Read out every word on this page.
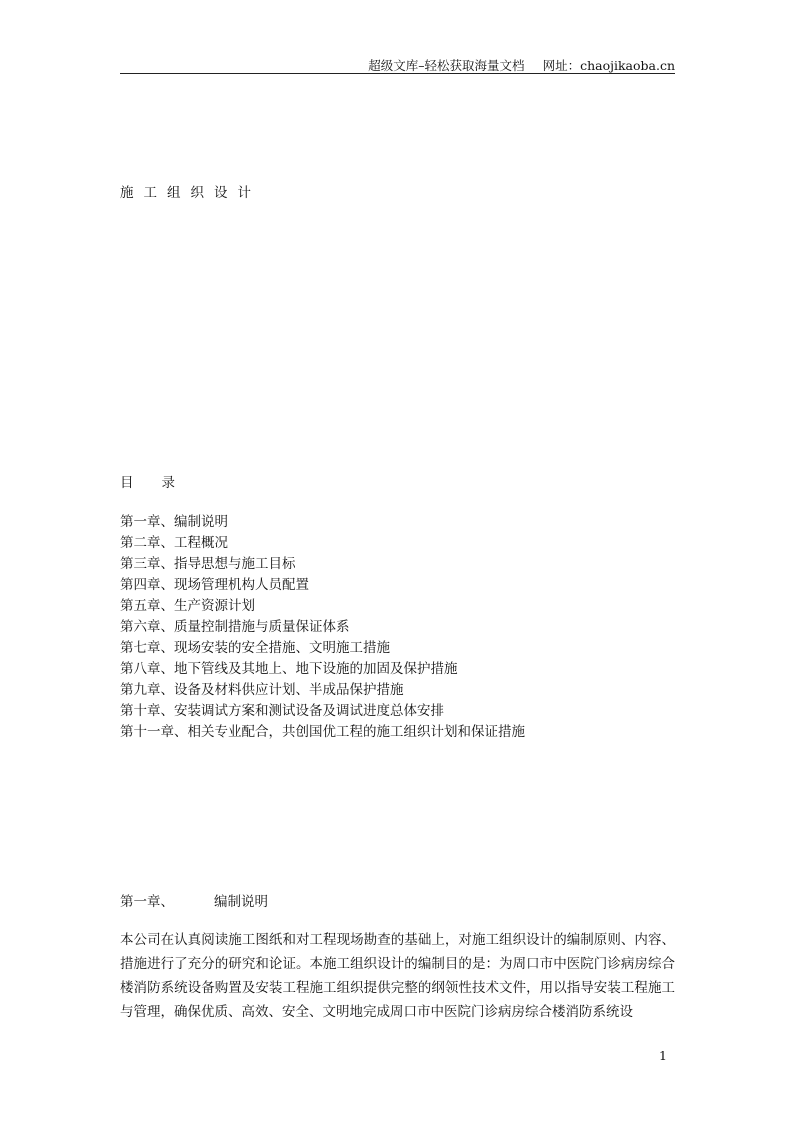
超级文库–轻松获取海量文档 网址：chaojikaoba.cn
施工组织设计
目 录
第一章、编制说明
第二章、工程概况
第三章、指导思想与施工目标
第四章、现场管理机构人员配置
第五章、生产资源计划
第六章、质量控制措施与质量保证体系
第七章、现场安装的安全措施、文明施工措施
第八章、地下管线及其地上、地下设施的加固及保护措施
第九章、设备及材料供应计划、半成品保护措施
第十章、安装调试方案和测试设备及调试进度总体安排
第十一章、相关专业配合，共创国优工程的施工组织计划和保证措施
第一章、	编制说明
本公司在认真阅读施工图纸和对工程现场勘查的基础上，对施工组织设计的编制原则、内容、措施进行了充分的研究和论证。本施工组织设计的编制目的是：为周口市中医院门诊病房综合楼消防系统设备购置及安装工程施工组织提供完整的纲领性技术文件，用以指导安装工程施工与管理，确保优质、高效、安全、文明地完成周口市中医院门诊病房综合楼消防系统设
1
